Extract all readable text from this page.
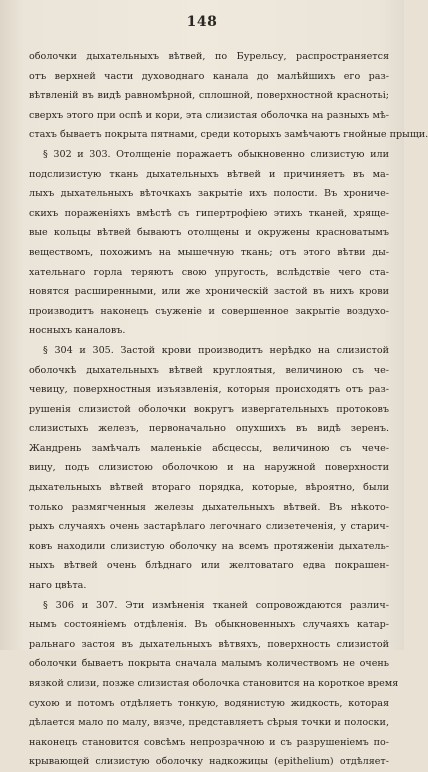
148
оболочки дыхательныхъ вѣтвей, по Бурельсу, распространяется
отъ верхней части духоводнаго канала до малѣйшихъ его раз-
вѣтвленій въ видѣ равномѣрной, сплошной, поверхностной краснотьі;
сверхъ этого при оспѣ и кори, эта слизистая оболочка на разныхъ мѣ-
стахъ бываетъ покрыта пятнами, среди которыхъ замѣчаютъ гнойные прыщи.
§ 302 и 303. Отолщеніе поражаетъ обыкновенно слизистую или
подслизистую ткань дыхательныхъ вѣтвей и причиняетъ въ ма-
лыхъ дыхательныхъ вѣточкахъ закрытіе ихъ полости. Въ хрониче-
скихъ пораженіяхъ вмѣстѣ съ гипертрофіею этихъ тканей, хряще-
вые кольцы вѣтвей бываютъ отолщены и окружены красноватымъ
веществомъ, похожимъ на мышечную ткань; отъ этого вѣтви ды-
хательнаго горла теряютъ свою упругость, вслѣдствіе чего ста-
новятся расширенными, или же хроническій застой въ нихъ крови
производитъ наконецъ съуженіе и совершенное закрытіе воздухо-
носныхъ каналовъ.
§ 304 и 305. Застой крови производитъ нерѣдко на слизистой
оболочкѣ дыхательныхъ вѣтвей круглоятыя, величиною съ че-
чевицу, поверхностныя изъязвленія, которыя происходятъ отъ раз-
рушенія слизистой оболочки вокругъ извергательныхъ протоковъ
слизистыхъ железъ, первоначально опухшихъ въ видѣ зеренъ.
Жандрень замѣчалъ маленькіе абсцессы, величиною съ чече-
вицу, подъ слизистою оболочкою и на наружной поверхности
дыхательныхъ вѣтвей втораго порядка, которые, вѣроятно, были
только размягченныя железы дыхательныхъ вѣтвей. Въ нѣкото-
рыхъ случаяхъ очень застарѣлаго легочнаго слизетеченія, у старич-
ковъ находили слизистую оболочку на всемъ протяженіи дыхатель-
ныхъ вѣтвей очень блѣднаго или желтоватаго едва покрашен-
наго цвѣта.
§ 306 и 307. Эти измѣненія тканей сопровождаются различ-
нымъ состояніемъ отдѣленія. Въ обыкновенныхъ случаяхъ катар-
ральнаго застоя въ дыхательныхъ вѣтвяхъ, поверхность слизистой
оболочки бываетъ покрыта сначала малымъ количествомъ не очень
вязкой слизи, позже слизистая оболочка становится на короткое время
сухою и потомъ отдѣляетъ тонкую, водянистую жидкость, которая
дѣлается мало по малу, вязче, представляетъ сѣрыя точки и полоски,
наконецъ становится совсѣмъ непрозрачною и съ разрушеніемъ по-
крывающей слизистую оболочку надкожицы (epithelium) отдѣляет-
